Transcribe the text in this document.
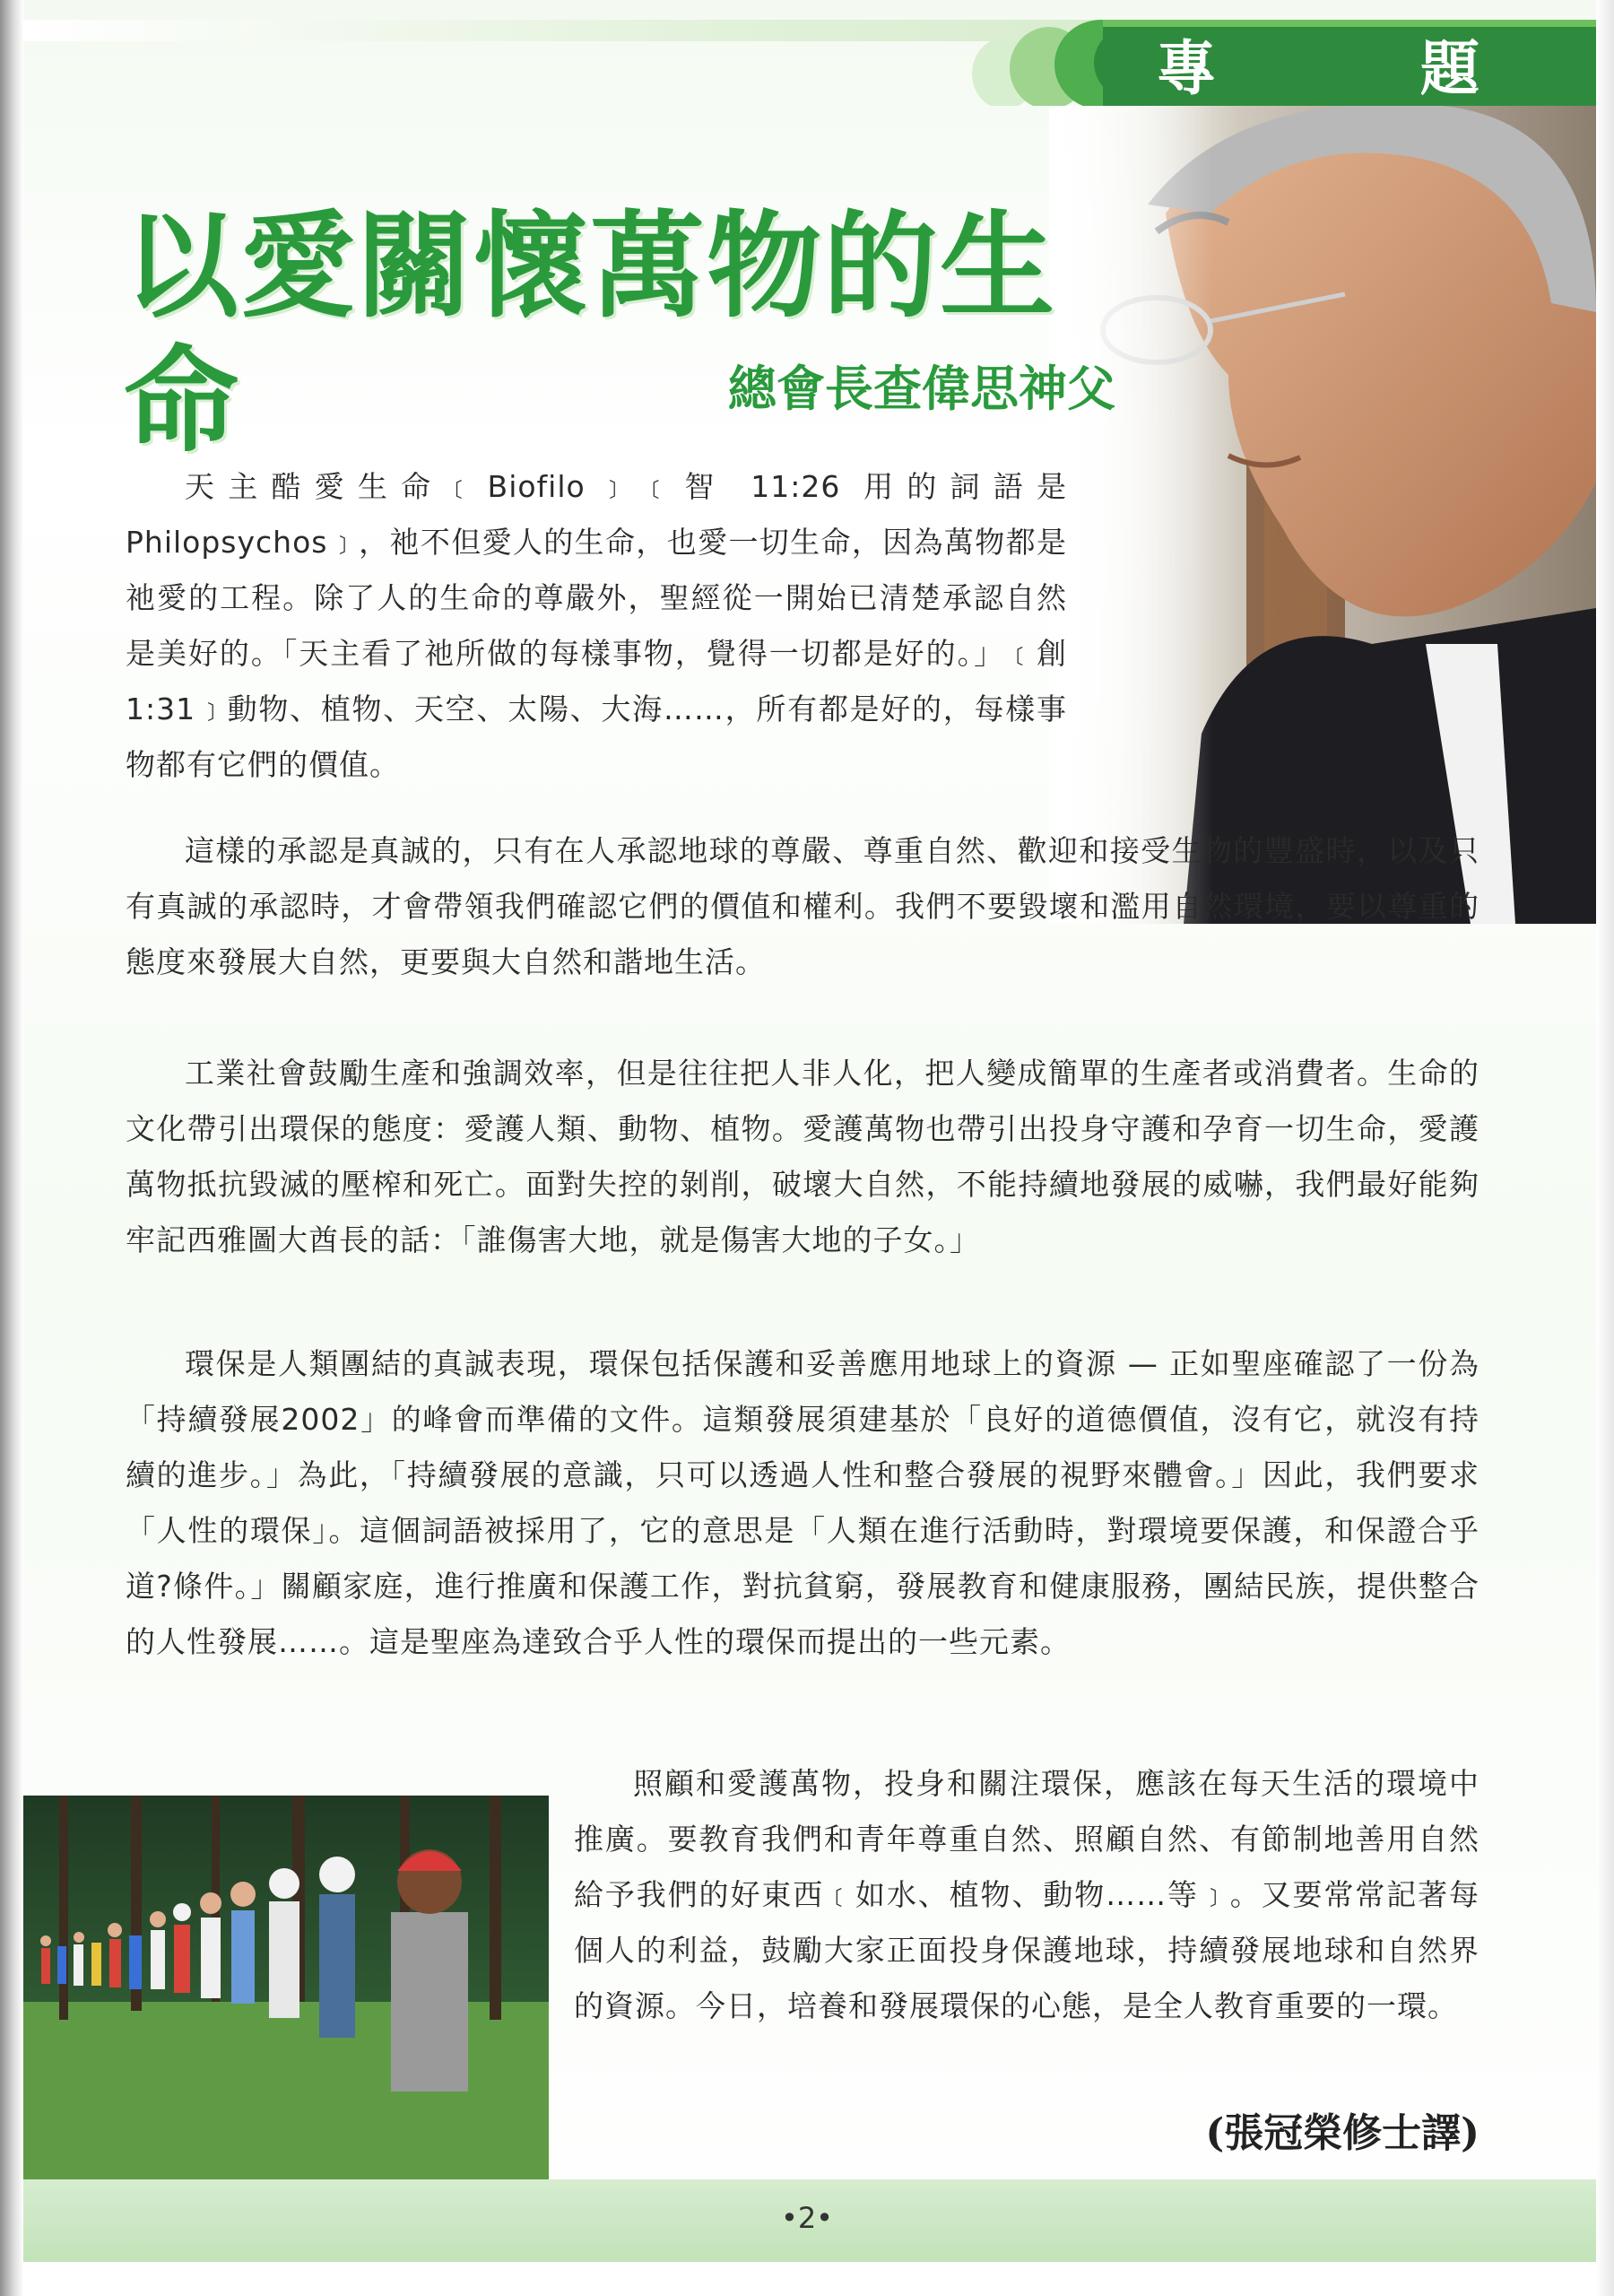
專	題
以愛關懷萬物的生命	總會長查偉思神父

天主酷愛生命﹝Biofilo﹞﹝智 11:26 用的詞語是 Philopsychos﹞，祂不但愛人的生命，也愛一切生命，因為萬物都是祂愛的工程。除了人的生命的尊嚴外，聖經從一開始已清楚承認自然是美好的。「天主看了祂所做的每樣事物，覺得一切都是好的。」﹝創 1:31﹞動物、植物、天空、太陽、大海……，所有都是好的，每樣事物都有它們的價值。

這樣的承認是真誠的，只有在人承認地球的尊嚴、尊重自然、歡迎和接受生物的豐盛時，以及只有真誠的承認時，才會帶領我們確認它們的價值和權利。我們不要毀壞和濫用自然環境，要以尊重的態度來發展大自然，更要與大自然和諧地生活。

工業社會鼓勵生產和強調效率，但是往往把人非人化，把人變成簡單的生產者或消費者。生命的文化帶引出環保的態度：愛護人類、動物、植物。愛護萬物也帶引出投身守護和孕育一切生命，愛護萬物抵抗毀滅的壓榨和死亡。面對失控的剝削，破壞大自然，不能持續地發展的威嚇，我們最好能夠牢記西雅圖大酋長的話：「誰傷害大地，就是傷害大地的子女。」

環保是人類團結的真誠表現，環保包括保護和妥善應用地球上的資源 — 正如聖座確認了一份為「持續發展2002」的峰會而準備的文件。這類發展須建基於「良好的道德價值，沒有它，就沒有持續的進步。」為此，「持續發展的意識，只可以透過人性和整合發展的視野來體會。」因此，我們要求「人性的環保」。這個詞語被採用了，它的意思是「人類在進行活動時，對環境要保護，和保證合乎道?條件。」關顧家庭，進行推廣和保護工作，對抗貧窮，發展教育和健康服務，團結民族，提供整合的人性發展……。這是聖座為達致合乎人性的環保而提出的一些元素。

照顧和愛護萬物，投身和關注環保，應該在每天生活的環境中推廣。要教育我們和青年尊重自然、照顧自然、有節制地善用自然給予我們的好東西﹝如水、植物、動物……等﹞。又要常常記著每個人的利益，鼓勵大家正面投身保護地球，持續發展地球和自然界的資源。今日，培養和發展環保的心態，是全人教育重要的一環。

(張冠榮修士譯)
•2•
